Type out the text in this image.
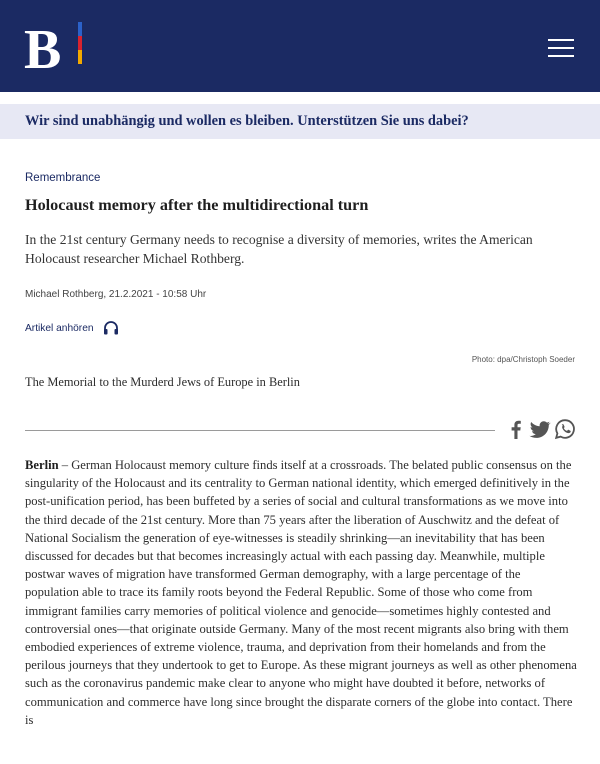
B
Wir sind unabhängig und wollen es bleiben. Unterstützen Sie uns dabei?
Remembrance
Holocaust memory after the multidirectional turn

In the 21st century Germany needs to recognise a diversity of memories, writes the American Holocaust researcher Michael Rothberg.

Michael Rothberg, 21.2.2021 - 10:58 Uhr
Artikel anhören
Photo: dpa/Christoph Soeder
The Memorial to the Murderd Jews of Europe in Berlin

Berlin – German Holocaust memory culture finds itself at a crossroads. The belated public consensus on the singularity of the Holocaust and its centrality to German national identity, which emerged definitively in the post-unification period, has been buffeted by a series of social and cultural transformations as we move into the third decade of the 21st century. More than 75 years after the liberation of Auschwitz and the defeat of National Socialism the generation of eye-witnesses is steadily shrinking—an inevitability that has been discussed for decades but that becomes increasingly actual with each passing day. Meanwhile, multiple postwar waves of migration have transformed German demography, with a large percentage of the population able to trace its family roots beyond the Federal Republic. Some of those who come from immigrant families carry memories of political violence and genocide—sometimes highly contested and controversial ones—that originate outside Germany. Many of the most recent migrants also bring with them embodied experiences of extreme violence, trauma, and deprivation from their homelands and from the perilous journeys that they undertook to get to Europe. As these migrant journeys as well as other phenomena such as the coronavirus pandemic make clear to anyone who might have doubted it before, networks of communication and commerce have long since brought the disparate corners of the globe into contact. There is
